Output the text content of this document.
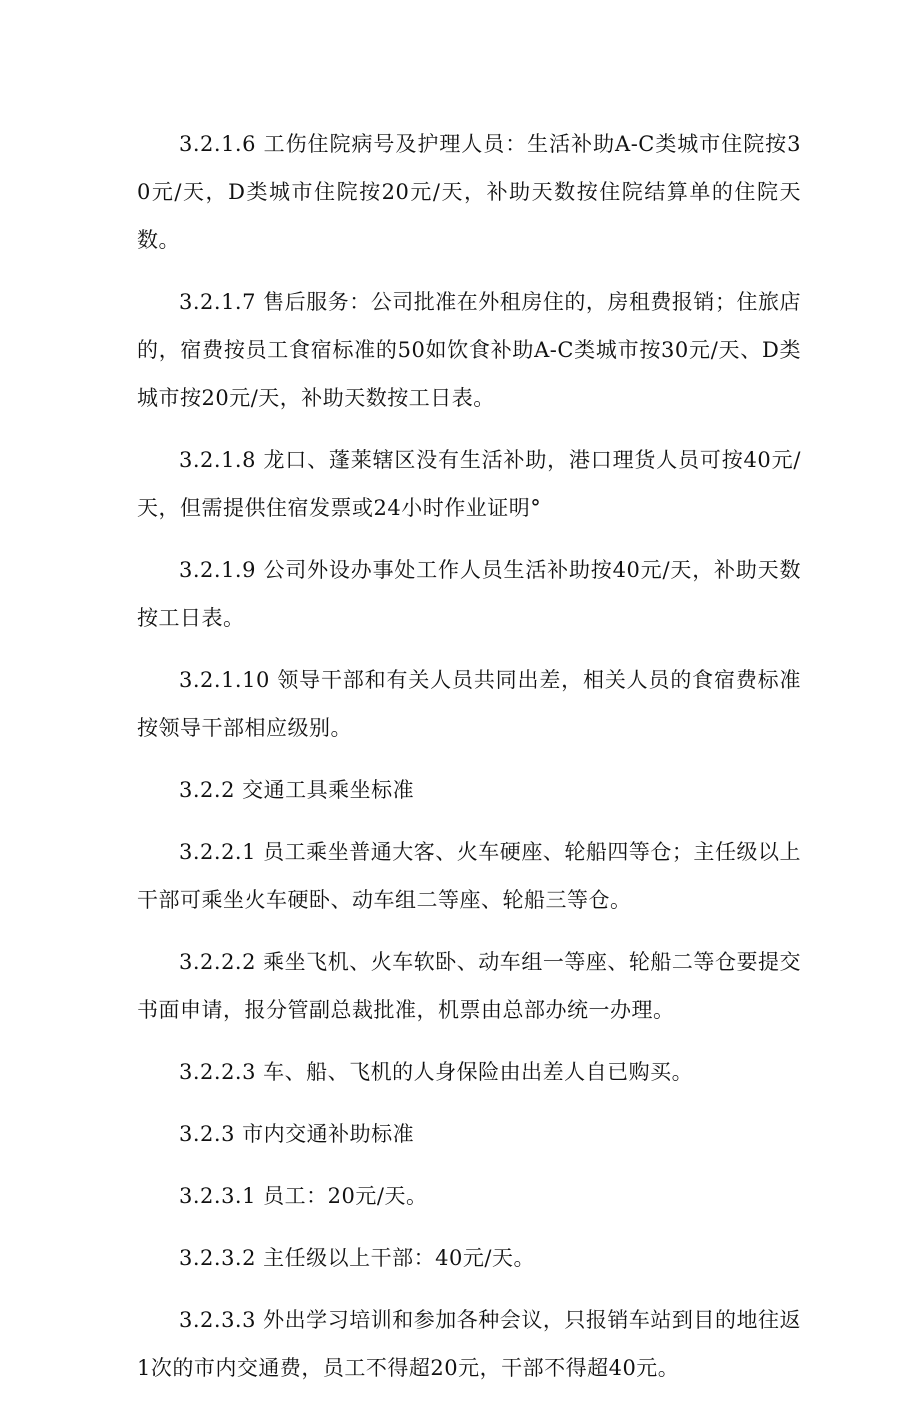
3.2.1.6 工伤住院病号及护理人员：生活补助A-C类城市住院按30元/天，D类城市住院按20元/天，补助天数按住院结算单的住院天数。

3.2.1.7 售后服务：公司批准在外租房住的，房租费报销；住旅店的，宿费按员工食宿标准的50如饮食补助A-C类城市按30元/天、D类城市按20元/天，补助天数按工日表。

3.2.1.8 龙口、蓬莱辖区没有生活补助，港口理货人员可按40元/天，但需提供住宿发票或24小时作业证明°

3.2.1.9 公司外设办事处工作人员生活补助按40元/天，补助天数按工日表。

3.2.1.10 领导干部和有关人员共同出差，相关人员的食宿费标准按领导干部相应级别。

3.2.2 交通工具乘坐标准

3.2.2.1 员工乘坐普通大客、火车硬座、轮船四等仓；主任级以上干部可乘坐火车硬卧、动车组二等座、轮船三等仓。

3.2.2.2 乘坐飞机、火车软卧、动车组一等座、轮船二等仓要提交书面申请，报分管副总裁批准，机票由总部办统一办理。

3.2.2.3 车、船、飞机的人身保险由出差人自已购买。

3.2.3 市内交通补助标准

3.2.3.1 员工：20元/天。

3.2.3.2 主任级以上干部：40元/天。

3.2.3.3 外出学习培训和参加各种会议，只报销车站到目的地往返1次的市内交通费，员工不得超20元，干部不得超40元。
